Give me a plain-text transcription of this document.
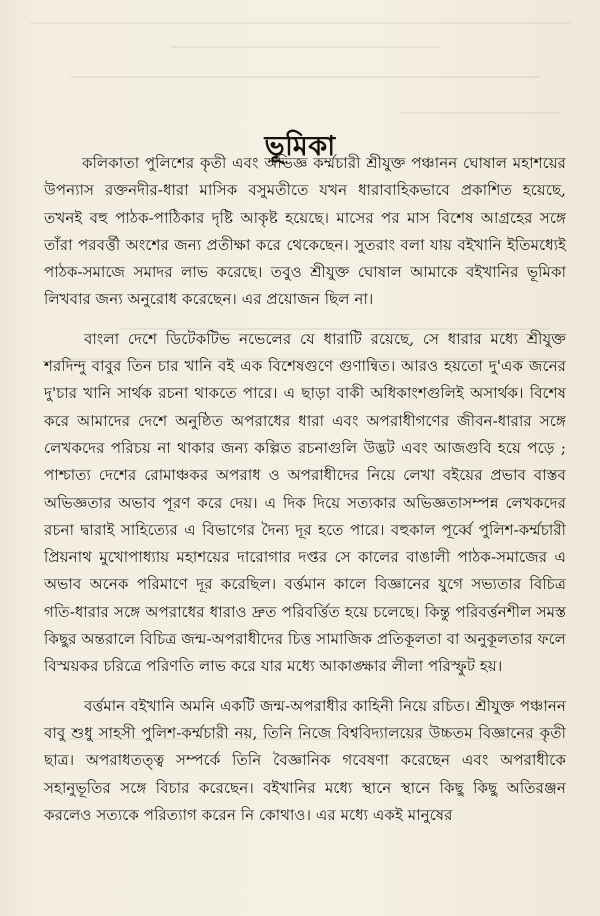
ভূমিকা

কলিকাতা পুলিশের কৃতী এবং অভিজ্ঞ কর্ম্মচারী শ্রীযুক্ত পঞ্চানন ঘোষাল মহাশয়ের উপন্যাস রক্তনদীর-ধারা মাসিক বসুমতীতে যখন ধারাবাহিকভাবে প্রকাশিত হয়েছে, তখনই বহু পাঠক-পাঠিকার দৃষ্টি আকৃষ্ট হয়েছে। মাসের পর মাস বিশেষ আগ্রহের সঙ্গে তাঁরা পরবর্ত্তী অংশের জন্য প্রতীক্ষা করে থেকেছেন। সুতরাং বলা যায় বইখানি ইতিমধ্যেই পাঠক-সমাজে সমাদর লাভ করেছে। তবুও শ্রীযুক্ত ঘোষাল আমাকে বইখানির ভূমিকা লিখবার জন্য অনুরোধ করেছেন। এর প্রয়োজন ছিল না।

বাংলা দেশে ডিটেকটিভ নভেলের যে ধারাটি রয়েছে, সে ধারার মধ্যে শ্রীযুক্ত শরদিন্দু বাবুর তিন চার খানি বই এক বিশেষগুণে গুণান্বিত। আরও হয়তো দু'এক জনের দু'চার খানি সার্থক রচনা থাকতে পারে। এ ছাড়া বাকী অধিকাংশগুলিই অসার্থক। বিশেষ করে আমাদের দেশে অনুষ্ঠিত অপরাধের ধারা এবং অপরাধীগণের জীবন-ধারার সঙ্গে লেখকদের পরিচয় না থাকার জন্য কল্পিত রচনাগুলি উদ্ভট এবং আজগুবি হয়ে পড়ে ; পাশ্চাত্য দেশের রোমাঞ্চকর অপরাধ ও অপরাধীদের নিয়ে লেখা বইয়ের প্রভাব বাস্তব অভিজ্ঞতার অভাব পূরণ করে দেয়। এ দিক দিয়ে সত্যকার অভিজ্ঞতাসম্পন্ন লেখকদের রচনা দ্বারাই সাহিত্যের এ বিভাগের দৈন্য দূর হতে পারে। বহুকাল পূর্ব্বে পুলিশ-কর্ম্মচারী প্রিয়নাথ মুখোপাধ্যায় মহাশয়ের দারোগার দপ্তর সে কালের বাঙালী পাঠক-সমাজের এ অভাব অনেক পরিমাণে দূর করেছিল। বর্ত্তমান কালে বিজ্ঞানের যুগে সভ্যতার বিচিত্র গতি-ধারার সঙ্গে অপরাধের ধারাও দ্রুত পরিবর্ত্তিত হয়ে চলেছে। কিন্তু পরিবর্ত্তনশীল সমস্ত কিছুর অন্তরালে বিচিত্র জন্ম-অপরাধীদের চিত্ত সামাজিক প্রতিকূলতা বা অনুকূলতার ফলে বিস্ময়কর চরিত্রে পরিণতি লাভ করে যার মধ্যে আকাঙ্ক্ষার লীলা পরিস্ফুট হয়।

বর্ত্তমান বইখানি অমনি একটি জন্ম-অপরাধীর কাহিনী নিয়ে রচিত। শ্রীযুক্ত পঞ্চানন বাবু শুধু সাহসী পুলিশ-কর্ম্মচারী নয়, তিনি নিজে বিশ্ববিদ্যালয়ের উচ্চতম বিজ্ঞানের কৃতী ছাত্র। অপরাধতত্ত্ব সম্পর্কে তিনি বৈজ্ঞানিক গবেষণা করেছেন এবং অপরাধীকে সহানুভূতির সঙ্গে বিচার করেছেন। বইখানির মধ্যে স্থানে স্থানে কিছু কিছু অতিরঞ্জন করলেও সত্যকে পরিত্যাগ করেন নি কোথাও। এর মধ্যে একই মানুষের
